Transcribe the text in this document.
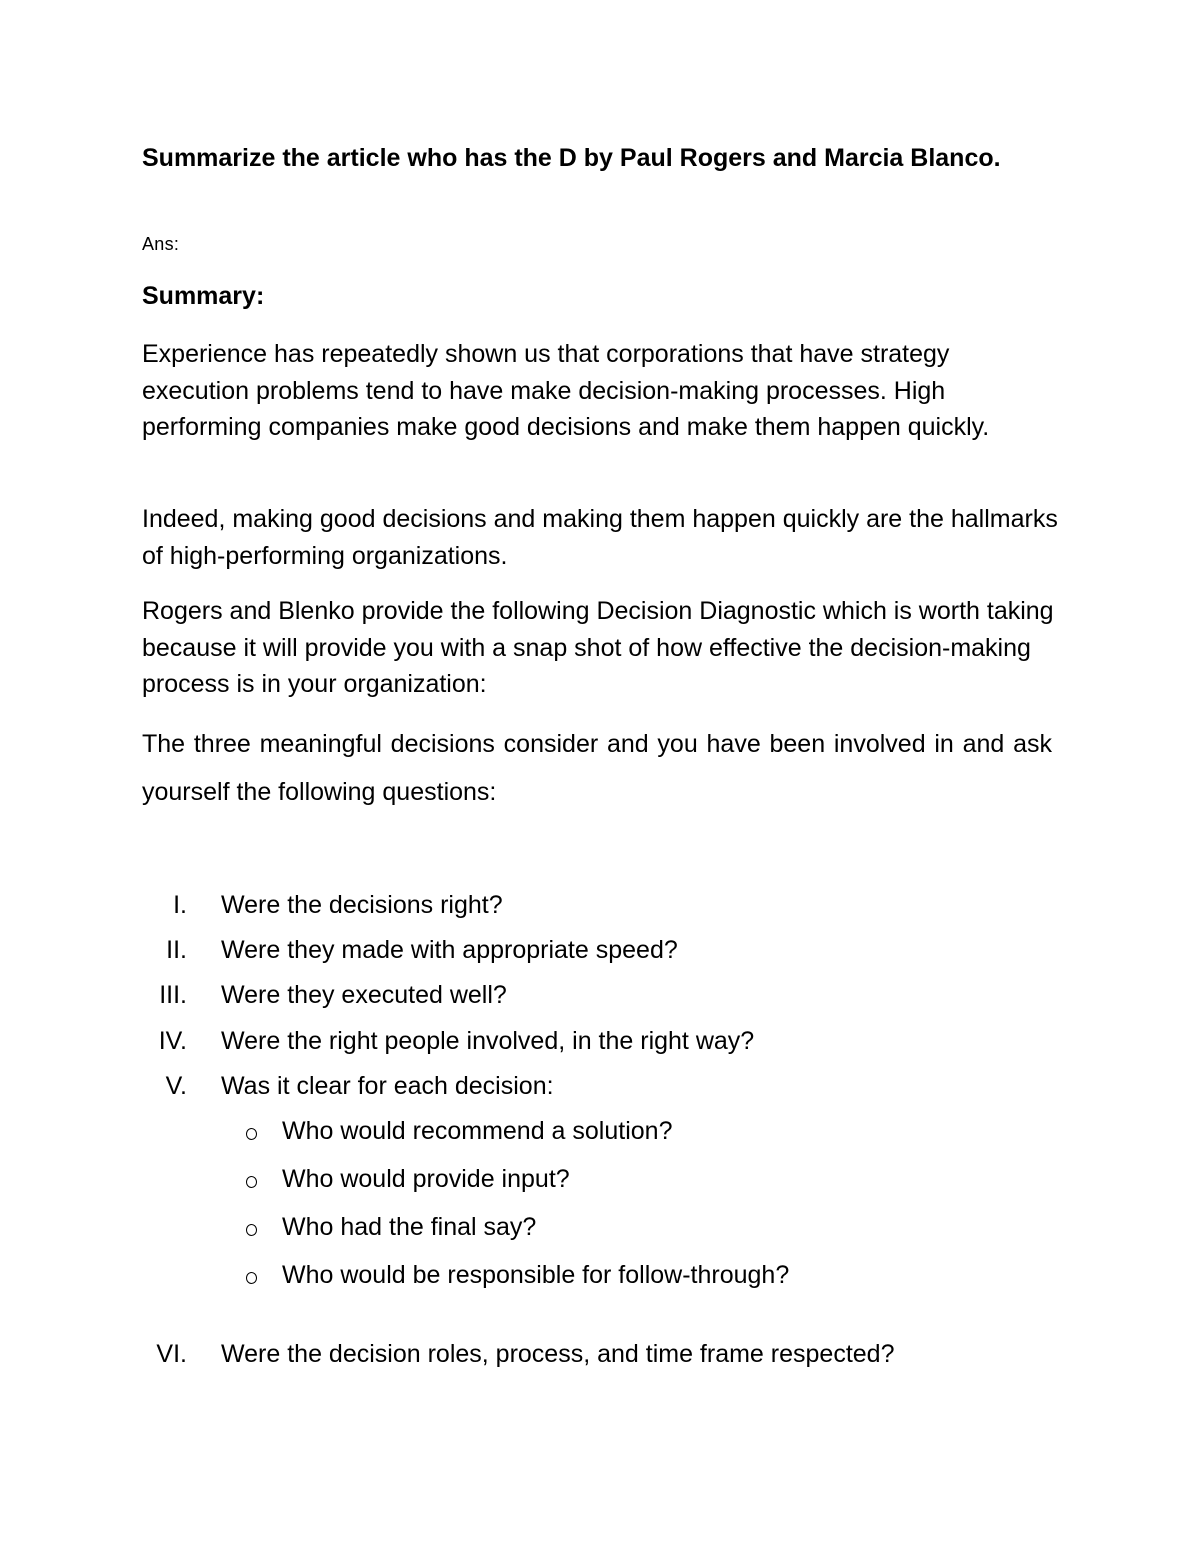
Summarize the article who has the D by Paul Rogers and Marcia Blanco.

Ans:

Summary:

Experience has repeatedly shown us that corporations that have strategy execution problems tend to have make decision-making processes. High performing companies make good decisions and make them happen quickly.

Indeed, making good decisions and making them happen quickly are the hallmarks of high-performing organizations.

Rogers and Blenko provide the following Decision Diagnostic which is worth taking because it will provide you with a snap shot of how effective the decision-making process is in your organization:

The three meaningful decisions consider and you have been involved in and ask yourself the following questions:

I. Were the decisions right?
II. Were they made with appropriate speed?
III. Were they executed well?
IV. Were the right people involved, in the right way?
V. Was it clear for each decision:
Who would recommend a solution?
Who would provide input?
Who had the final say?
Who would be responsible for follow-through?
VI. Were the decision roles, process, and time frame respected?
